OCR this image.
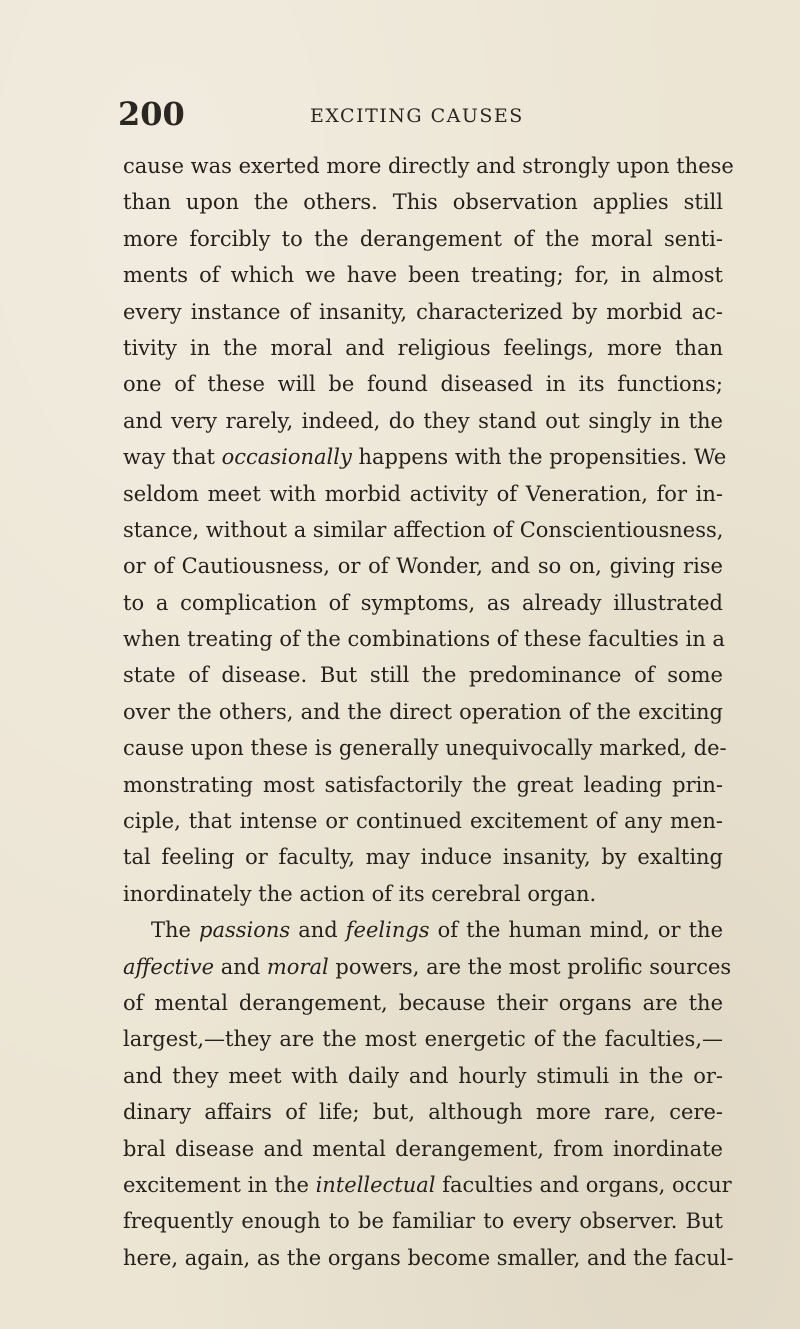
200	EXCITING CAUSES
cause was exerted more directly and strongly upon these
than upon the others. This observation applies still
more forcibly to the derangement of the moral senti-
ments of which we have been treating; for, in almost
every instance of insanity, characterized by morbid ac-
tivity in the moral and religious feelings, more than
one of these will be found diseased in its functions;
and very rarely, indeed, do they stand out singly in the
way that occasionally happens with the propensities. We
seldom meet with morbid activity of Veneration, for in-
stance, without a similar affection of Conscientiousness,
or of Cautiousness, or of Wonder, and so on, giving rise
to a complication of symptoms, as already illustrated
when treating of the combinations of these faculties in a
state of disease. But still the predominance of some
over the others, and the direct operation of the exciting
cause upon these is generally unequivocally marked, de-
monstrating most satisfactorily the great leading prin-
ciple, that intense or continued excitement of any men-
tal feeling or faculty, may induce insanity, by exalting
inordinately the action of its cerebral organ.
The passions and feelings of the human mind, or the
affective and moral powers, are the most prolific sources
of mental derangement, because their organs are the
largest,—they are the most energetic of the faculties,—
and they meet with daily and hourly stimuli in the or-
dinary affairs of life; but, although more rare, cere-
bral disease and mental derangement, from inordinate
excitement in the intellectual faculties and organs, occur
frequently enough to be familiar to every observer. But
here, again, as the organs become smaller, and the facul-
